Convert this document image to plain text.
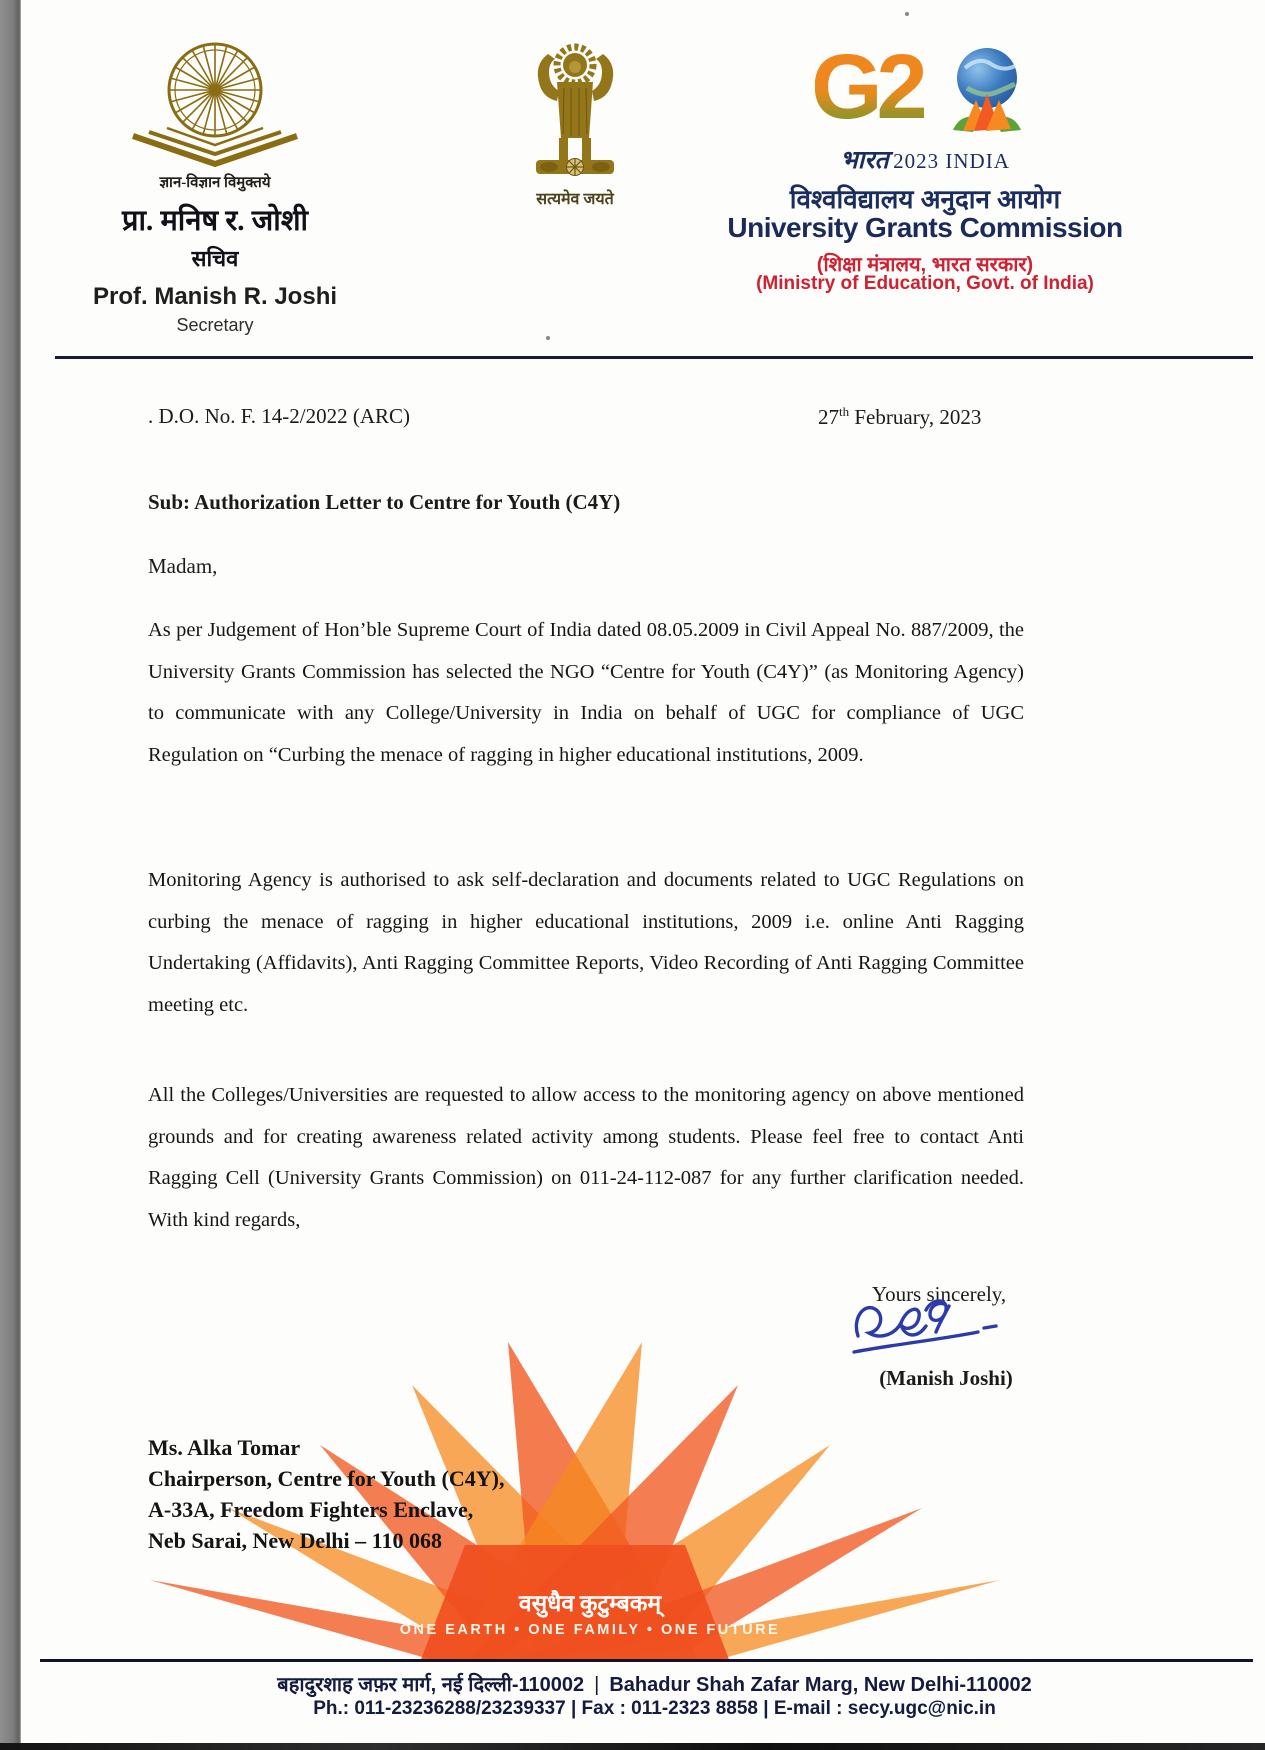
ज्ञान-विज्ञान विमुक्तये
प्रा. मनिष र. जोशी
सचिव
Prof. Manish R. Joshi
Secretary
सत्यमेव जयते
G2
भारत 2023 INDIA
विश्वविद्यालय अनुदान आयोग
University Grants Commission
(शिक्षा मंत्रालय, भारत सरकार)
(Ministry of Education, Govt. of India)
. D.O. No. F. 14-2/2022 (ARC)	27th February, 2023
Sub: Authorization Letter to Centre for Youth (C4Y)
Madam,
As per Judgement of Hon’ble Supreme Court of India dated 08.05.2009 in Civil Appeal No. 887/2009, the University Grants Commission has selected the NGO “Centre for Youth (C4Y)” (as Monitoring Agency) to communicate with any College/University in India on behalf of UGC for compliance of UGC Regulation on “Curbing the menace of ragging in higher educational institutions, 2009.
Monitoring Agency is authorised to ask self-declaration and documents related to UGC Regulations on curbing the menace of ragging in higher educational institutions, 2009 i.e. online Anti Ragging Undertaking (Affidavits), Anti Ragging Committee Reports, Video Recording of Anti Ragging Committee meeting etc.
All the Colleges/Universities are requested to allow access to the monitoring agency on above mentioned grounds and for creating awareness related activity among students. Please feel free to contact Anti Ragging Cell (University Grants Commission) on 011-24-112-087 for any further clarification needed. With kind regards,
Yours sincerely,
(Manish Joshi)
Ms. Alka Tomar
Chairperson, Centre for Youth (C4Y),
A-33A, Freedom Fighters Enclave,
Neb Sarai, New Delhi – 110 068
वसुधैव कुटुम्बकम्
ONE EARTH • ONE FAMILY • ONE FUTURE
बहादुरशाह जफ़र मार्ग, नई दिल्ली-110002 | Bahadur Shah Zafar Marg, New Delhi-110002
Ph.: 011-23236288/23239337 | Fax : 011-2323 8858 | E-mail : secy.ugc@nic.in
